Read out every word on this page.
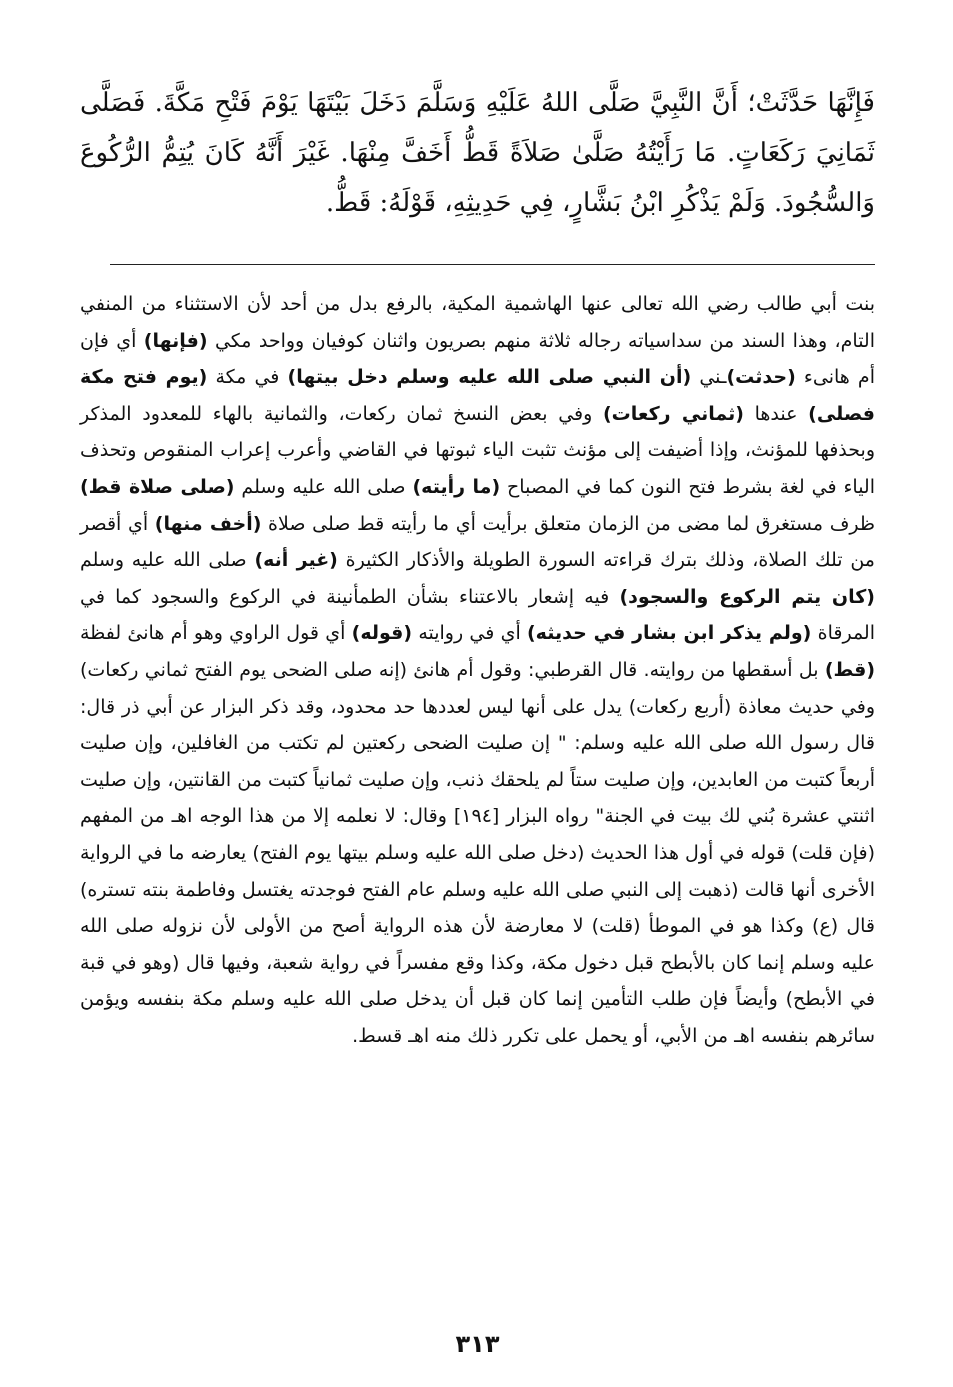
فَإِنَّهَا حَدَّثَتْ؛ أَنَّ النَّبِيَّ صَلَّى اللهُ عَلَيْهِ وَسَلَّمَ دَخَلَ بَيْتَهَا يَوْمَ فَتْحِ مَكَّةَ. فَصَلَّى ثَمَانِيَ رَكَعَاتٍ. مَا رَأَيْتُهُ صَلَّىٰ صَلاَةً قَطُّ أَخَفَّ مِنْهَا. غَيْرَ أَنَّهُ كَانَ يُتِمُّ الرُّكُوعَ وَالسُّجُودَ. وَلَمْ يَذْكُرِ ابْنُ بَشَّارٍ، فِي حَدِيثِهِ، قَوْلَهُ: قَطُّ.

بنت أبي طالب رضي الله تعالى عنها الهاشمية المكية، بالرفع بدل من أحد لأن الاستثناء من المنفي التام، وهذا السند من سداسياته رجاله ثلاثة منهم بصريون واثنان كوفيان وواحد مكي (فإنها) أي فإن أم هانىء (حدثت)ـني (أن النبي صلى الله عليه وسلم دخل بيتها) في مكة (يوم فتح مكة فصلى) عندها (ثماني ركعات) وفي بعض النسخ ثمان ركعات، والثمانية بالهاء للمعدود المذكر وبحذفها للمؤنث، وإذا أضيفت إلى مؤنث تثبت الياء ثبوتها في القاضي وأعرب إعراب المنقوص وتحذف الياء في لغة بشرط فتح النون كما في المصباح (ما رأيته) صلى الله عليه وسلم (صلى صلاة قط) ظرف مستغرق لما مضى من الزمان متعلق برأيت أي ما رأيته قط صلى صلاة (أخف منها) أي أقصر من تلك الصلاة، وذلك بترك قراءته السورة الطويلة والأذكار الكثيرة (غير أنه) صلى الله عليه وسلم (كان يتم الركوع والسجود) فيه إشعار بالاعتناء بشأن الطمأنينة في الركوع والسجود كما في المرقاة (ولم يذكر ابن بشار في حديثه) أي في روايته (قوله) أي قول الراوي وهو أم هانئ لفظة (قط) بل أسقطها من روايته. قال القرطبي: وقول أم هانئ (إنه صلى الضحى يوم الفتح ثماني ركعات) وفي حديث معاذة (أربع ركعات) يدل على أنها ليس لعددها حد محدود، وقد ذكر البزار عن أبي ذر قال: قال رسول الله صلى الله عليه وسلم: " إن صليت الضحى ركعتين لم تكتب من الغافلين، وإن صليت أربعاً كتبت من العابدين، وإن صليت ستاً لم يلحقك ذنب، وإن صليت ثمانياً كتبت من القانتين، وإن صليت اثنتي عشرة بُني لك بيت في الجنة" رواه البزار [١٩٤] وقال: لا نعلمه إلا من هذا الوجه اهـ من المفهم (فإن قلت) قوله في أول هذا الحديث (دخل صلى الله عليه وسلم بيتها يوم الفتح) يعارضه ما في الرواية الأخرى أنها قالت (ذهبت إلى النبي صلى الله عليه وسلم عام الفتح فوجدته يغتسل وفاطمة بنته تستره) قال (ع) وكذا هو في الموطأ (قلت) لا معارضة لأن هذه الرواية أصح من الأولى لأن نزوله صلى الله عليه وسلم إنما كان بالأبطح قبل دخول مكة، وكذا وقع مفسراً في رواية شعبة، وفيها قال (وهو في قبة في الأبطح) وأيضاً فإن طلب التأمين إنما كان قبل أن يدخل صلى الله عليه وسلم مكة بنفسه ويؤمن سائرهم بنفسه اهـ من الأبي، أو يحمل على تكرر ذلك منه اهـ قسط.

٣١٣
